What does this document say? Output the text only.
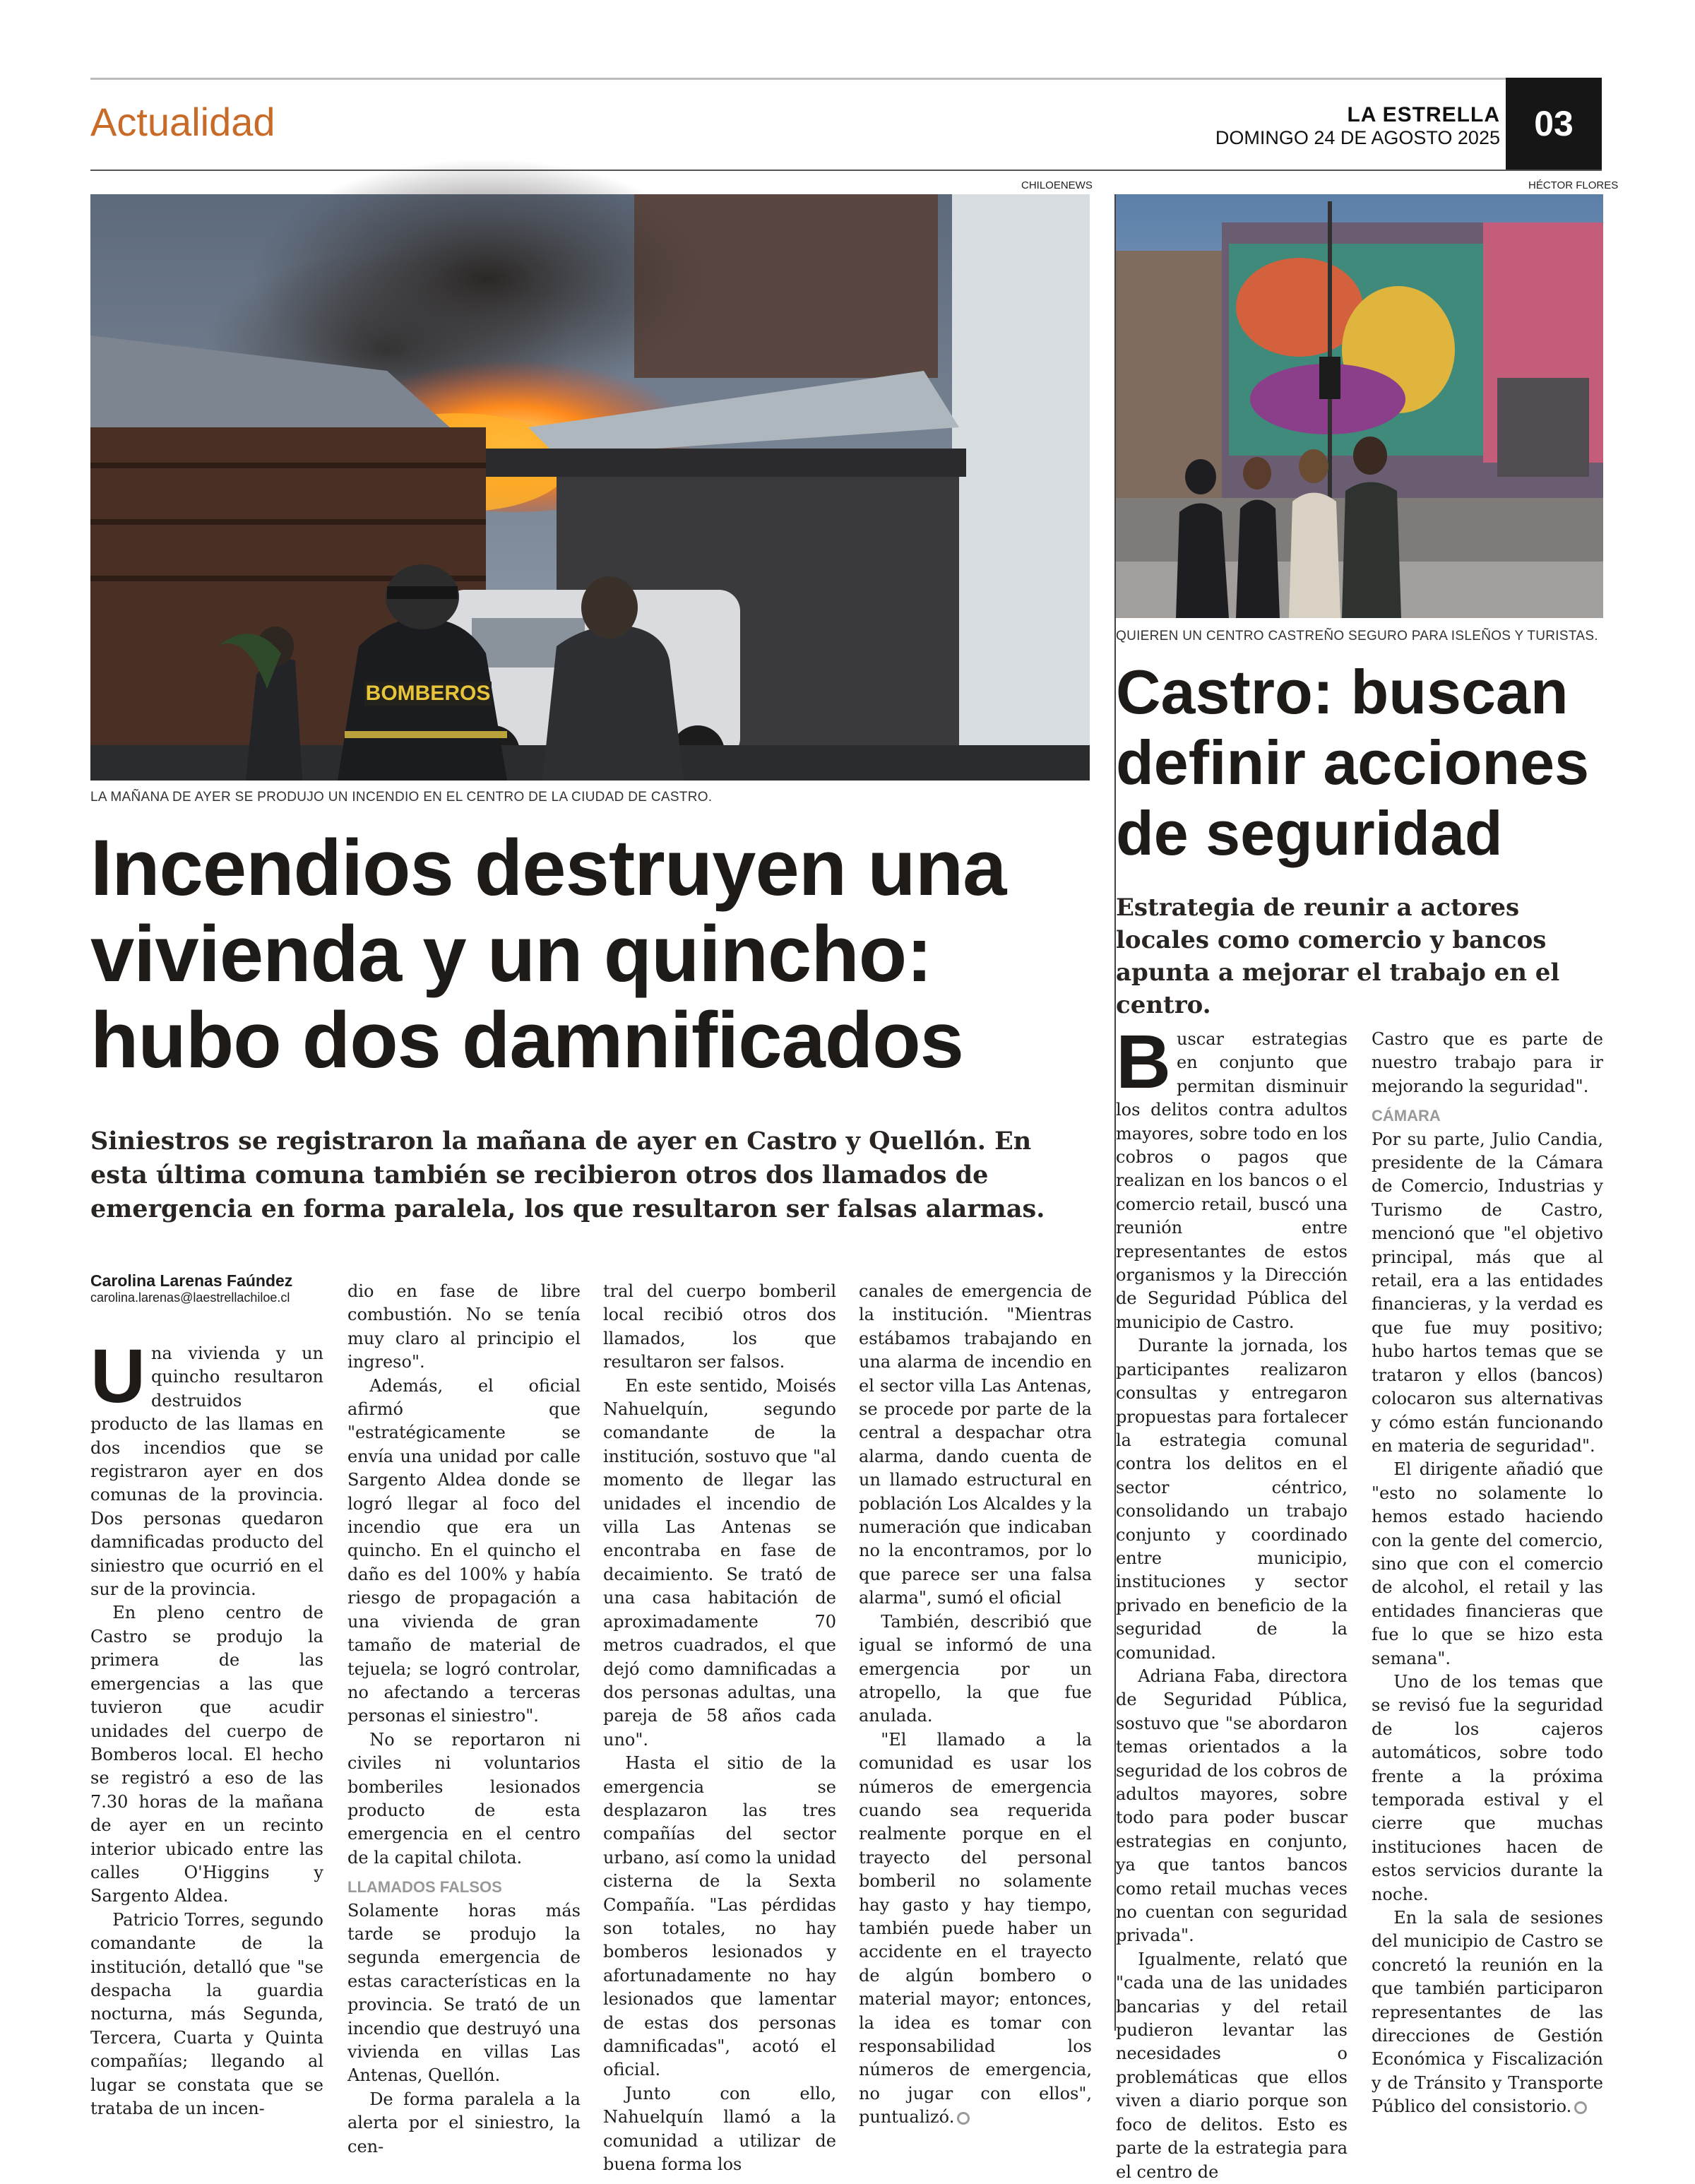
Actualidad	LA ESTRELLA
DOMINGO 24 DE AGOSTO 2025 03
CHILOENEWS
BOMBEROS
LA MAÑANA DE AYER SE PRODUJO UN INCENDIO EN EL CENTRO DE LA CIUDAD DE CASTRO.
HÉCTOR FLORES
QUIEREN UN CENTRO CASTREÑO SEGURO PARA ISLEÑOS Y TURISTAS.
Incendios destruyen una vivienda y un quincho: hubo dos damnificados
Siniestros se registraron la mañana de ayer en Castro y Quellón. En esta última comuna también se recibieron otros dos llamados de emergencia en forma paralela, los que resultaron ser falsas alarmas.
Castro: buscan definir acciones de seguridad
Estrategia de reunir a actores locales como comercio y bancos apunta a mejorar el trabajo en el centro.
Carolina Larenas Faúndez
carolina.larenas@laestrellachiloe.cl

Una vivienda y un quincho resultaron destruidos producto de las llamas en dos incendios que se registraron ayer en dos comunas de la provincia. Dos personas quedaron damnificadas producto del siniestro que ocurrió en el sur de la provincia.

En pleno centro de Castro se produjo la primera de las emergencias a las que tuvieron que acudir unidades del cuerpo de Bomberos local. El hecho se registró a eso de las 7.30 horas de la mañana de ayer en un recinto interior ubicado entre las calles O'Higgins y Sargento Aldea.

Patricio Torres, segundo comandante de la institución, detalló que "se despacha la guardia nocturna, más Segunda, Tercera, Cuarta y Quinta compañías; llegando al lugar se constata que se trataba de un incen-

dio en fase de libre combustión. No se tenía muy claro al principio el ingreso".

Además, el oficial afirmó que "estratégicamente se envía una unidad por calle Sargento Aldea donde se logró llegar al foco del incendio que era un quincho. En el quincho el daño es del 100% y había riesgo de propagación a una vivienda de gran tamaño de material de tejuela; se logró controlar, no afectando a terceras personas el siniestro".

No se reportaron ni civiles ni voluntarios bomberiles lesionados producto de esta emergencia en el centro de la capital chilota.

LLAMADOS FALSOS

Solamente horas más tarde se produjo la segunda emergencia de estas características en la provincia. Se trató de un incendio que destruyó una vivienda en villas Las Antenas, Quellón.

De forma paralela a la alerta por el siniestro, la cen-

tral del cuerpo bomberil local recibió otros dos llamados, los que resultaron ser falsos.

En este sentido, Moisés Nahuelquín, segundo comandante de la institución, sostuvo que "al momento de llegar las unidades el incendio de villa Las Antenas se encontraba en fase de decaimiento. Se trató de una casa habitación de aproximadamente 70 metros cuadrados, el que dejó como damnificadas a dos personas adultas, una pareja de 58 años cada uno".

Hasta el sitio de la emergencia se desplazaron las tres compañías del sector urbano, así como la unidad cisterna de la Sexta Compañía. "Las pérdidas son totales, no hay bomberos lesionados y afortunadamente no hay lesionados que lamentar de estas dos personas damnificadas", acotó el oficial.

Junto con ello, Nahuelquín llamó a la comunidad a utilizar de buena forma los

canales de emergencia de la institución. "Mientras estábamos trabajando en una alarma de incendio en el sector villa Las Antenas, se procede por parte de la central a despachar otra alarma, dando cuenta de un llamado estructural en población Los Alcaldes y la numeración que indicaban no la encontramos, por lo que parece ser una falsa alarma", sumó el oficial

También, describió que igual se informó de una emergencia por un atropello, la que fue anulada.

"El llamado a la comunidad es usar los números de emergencia cuando sea requerida realmente porque en el trayecto del personal bomberil no solamente hay gasto y hay tiempo, también puede haber un accidente en el trayecto de algún bombero o material mayor; entonces, la idea es tomar con responsabilidad los números de emergencia, no jugar con ellos", puntualizó.

Buscar estrategias en conjunto que permitan disminuir los delitos contra adultos mayores, sobre todo en los cobros o pagos que realizan en los bancos o el comercio retail, buscó una reunión entre representantes de estos organismos y la Dirección de Seguridad Pública del municipio de Castro.

Durante la jornada, los participantes realizaron consultas y entregaron propuestas para fortalecer la estrategia comunal contra los delitos en el sector céntrico, consolidando un trabajo conjunto y coordinado entre municipio, instituciones y sector privado en beneficio de la seguridad de la comunidad.

Adriana Faba, directora de Seguridad Pública, sostuvo que "se abordaron temas orientados a la seguridad de los cobros de adultos mayores, sobre todo para poder buscar estrategias en conjunto, ya que tantos bancos como retail muchas veces no cuentan con seguridad privada".

Igualmente, relató que "cada una de las unidades bancarias y del retail pudieron levantar las necesidades o problemáticas que ellos viven a diario porque son foco de delitos. Esto es parte de la estrategia para el centro de

Castro que es parte de nuestro trabajo para ir mejorando la seguridad".

CÁMARA

Por su parte, Julio Candia, presidente de la Cámara de Comercio, Industrias y Turismo de Castro, mencionó que "el objetivo principal, más que al retail, era a las entidades financieras, y la verdad es que fue muy positivo; hubo hartos temas que se trataron y ellos (bancos) colocaron sus alternativas y cómo están funcionando en materia de seguridad".

El dirigente añadió que "esto no solamente lo hemos estado haciendo con la gente del comercio, sino que con el comercio de alcohol, el retail y las entidades financieras que fue lo que se hizo esta semana".

Uno de los temas que se revisó fue la seguridad de los cajeros automáticos, sobre todo frente a la próxima temporada estival y el cierre que muchas instituciones hacen de estos servicios durante la noche.

En la sala de sesiones del municipio de Castro se concretó la reunión en la que también participaron representantes de las direcciones de Gestión Económica y Fiscalización y de Tránsito y Transporte Público del consistorio.
